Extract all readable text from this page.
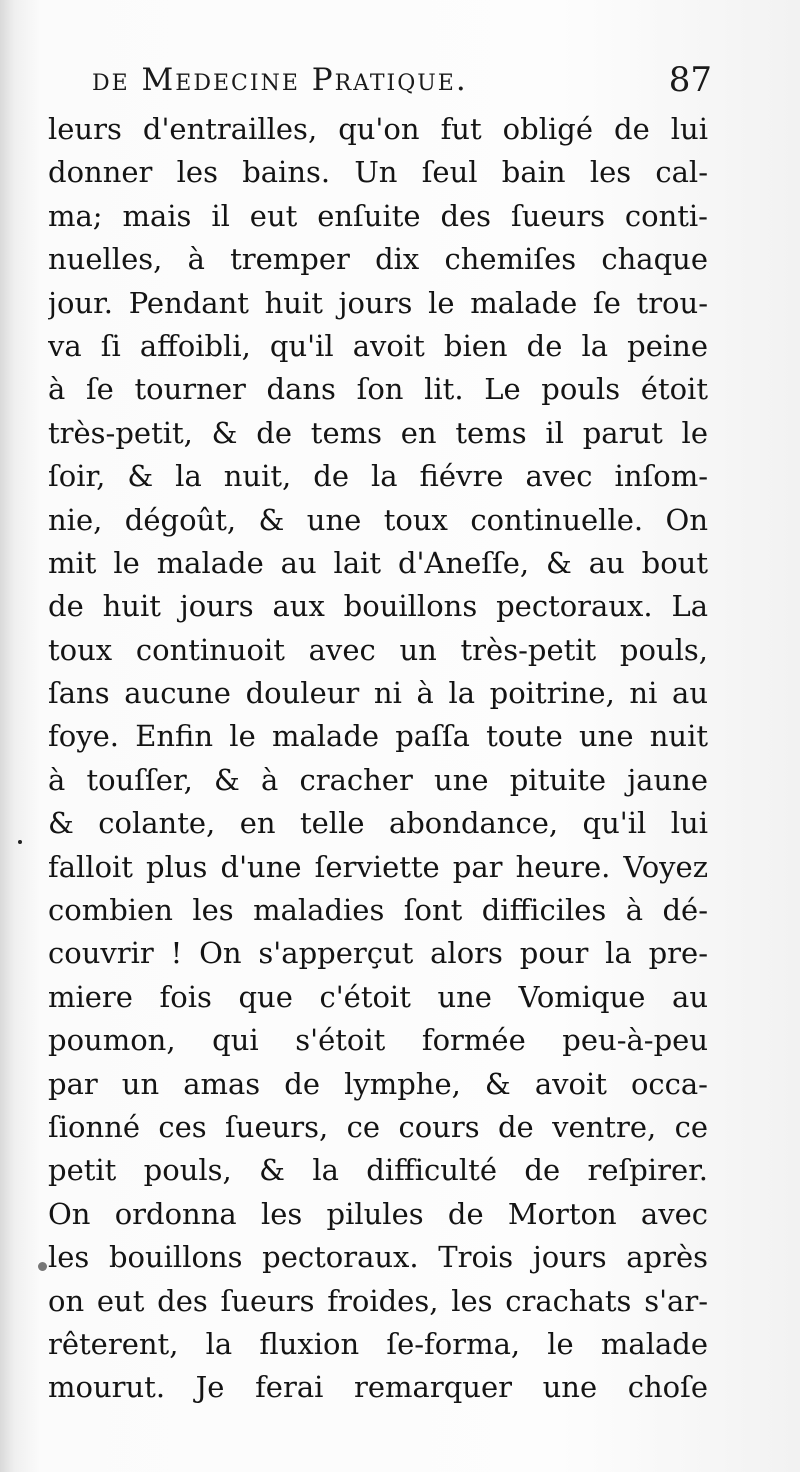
de Medecine Pratique.	87
leurs d'entrailles, qu'on fut obligé de lui
donner les bains. Un ſeul bain les cal-
ma; mais il eut enſuite des ſueurs conti-
nuelles, à tremper dix chemiſes chaque
jour. Pendant huit jours le malade ſe trou-
va ſi affoibli, qu'il avoit bien de la peine
à ſe tourner dans ſon lit. Le pouls étoit
très-petit, & de tems en tems il parut le
ſoir, & la nuit, de la fiévre avec inſom-
nie, dégoût, & une toux continuelle. On
mit le malade au lait d'Aneſſe, & au bout
de huit jours aux bouillons pectoraux. La
toux continuoit avec un très-petit pouls,
ſans aucune douleur ni à la poitrine, ni au
foye. Enfin le malade paſſa toute une nuit
à touſſer, & à cracher une pituite jaune
& colante, en telle abondance, qu'il lui
falloit plus d'une ſerviette par heure. Voyez
combien les maladies ſont difficiles à dé-
couvrir ! On s'apperçut alors pour la pre-
miere fois que c'étoit une Vomique au
poumon, qui s'étoit formée peu-à-peu
par un amas de lymphe, & avoit occa-
ſionné ces ſueurs, ce cours de ventre, ce
petit pouls, & la difficulté de reſpirer.
On ordonna les pilules de Morton avec
les bouillons pectoraux. Trois jours après
on eut des ſueurs froides, les crachats s'ar-
rêterent, la fluxion ſe-forma, le malade
mourut. Je ferai remarquer une choſe
